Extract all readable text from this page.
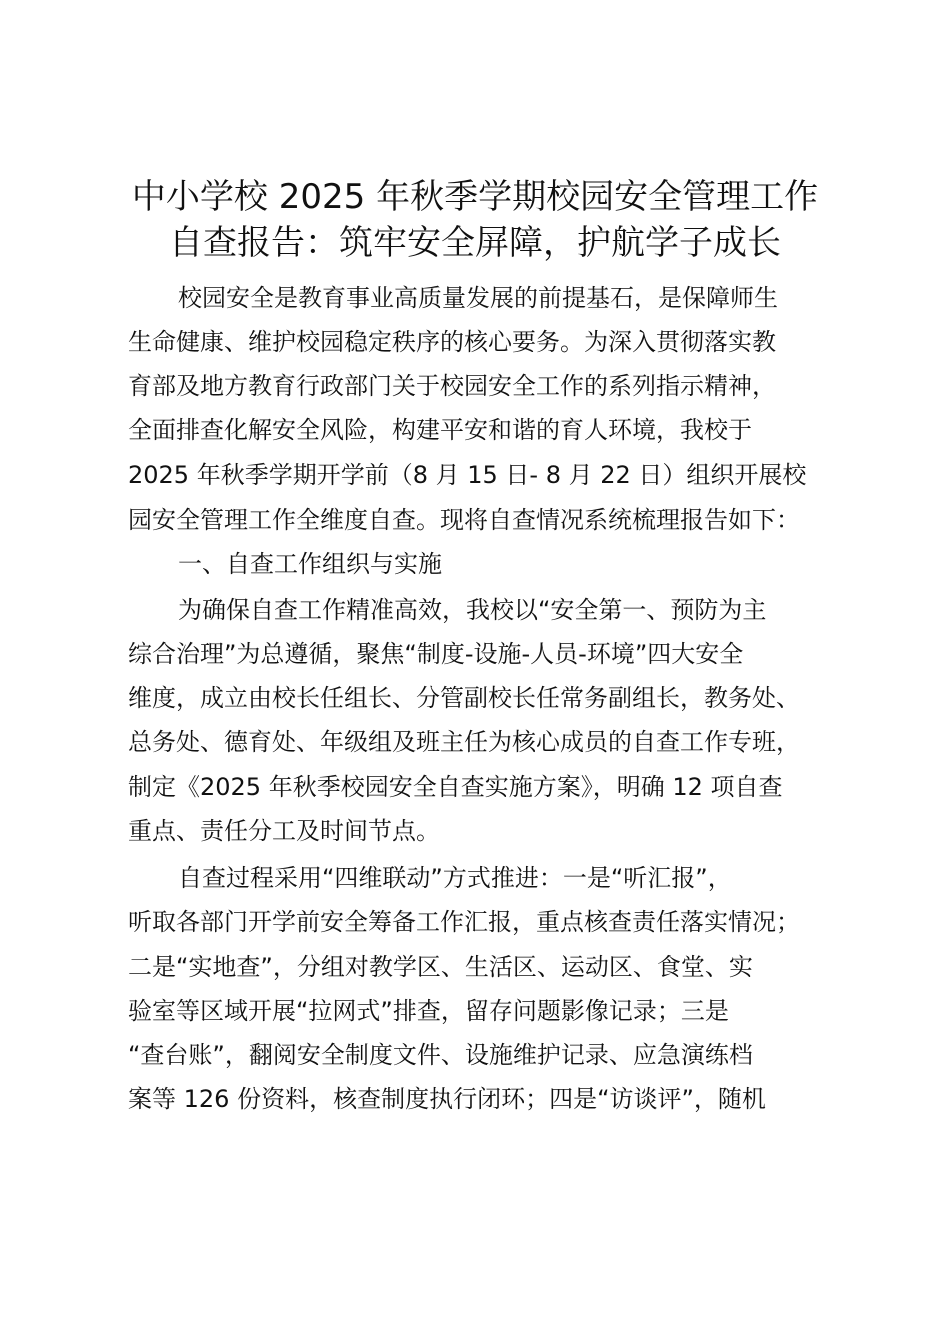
中小学校 2025 年秋季学期校园安全管理工作
自查报告：筑牢安全屏障，护航学子成长
校园安全是教育事业高质量发展的前提基石，是保障师生
生命健康、维护校园稳定秩序的核心要务。为深入贯彻落实教
育部及地方教育行政部门关于校园安全工作的系列指示精神，
全面排查化解安全风险，构建平安和谐的育人环境，我校于
2025 年秋季学期开学前（8 月 15 日- 8 月 22 日）组织开展校
园安全管理工作全维度自查。现将自查情况系统梳理报告如下：
一、自查工作组织与实施
为确保自查工作精准高效，我校以“安全第一、预防为主
综合治理”为总遵循，聚焦“制度-设施-人员-环境”四大安全
维度，成立由校长任组长、分管副校长任常务副组长，教务处、
总务处、德育处、年级组及班主任为核心成员的自查工作专班，
制定《2025 年秋季校园安全自查实施方案》，明确 12 项自查
重点、责任分工及时间节点。
自查过程采用“四维联动”方式推进：一是“听汇报”，
听取各部门开学前安全筹备工作汇报，重点核查责任落实情况；
二是“实地查”，分组对教学区、生活区、运动区、食堂、实
验室等区域开展“拉网式”排查，留存问题影像记录；三是
“查台账”，翻阅安全制度文件、设施维护记录、应急演练档
案等 126 份资料，核查制度执行闭环；四是“访谈评”，随机
